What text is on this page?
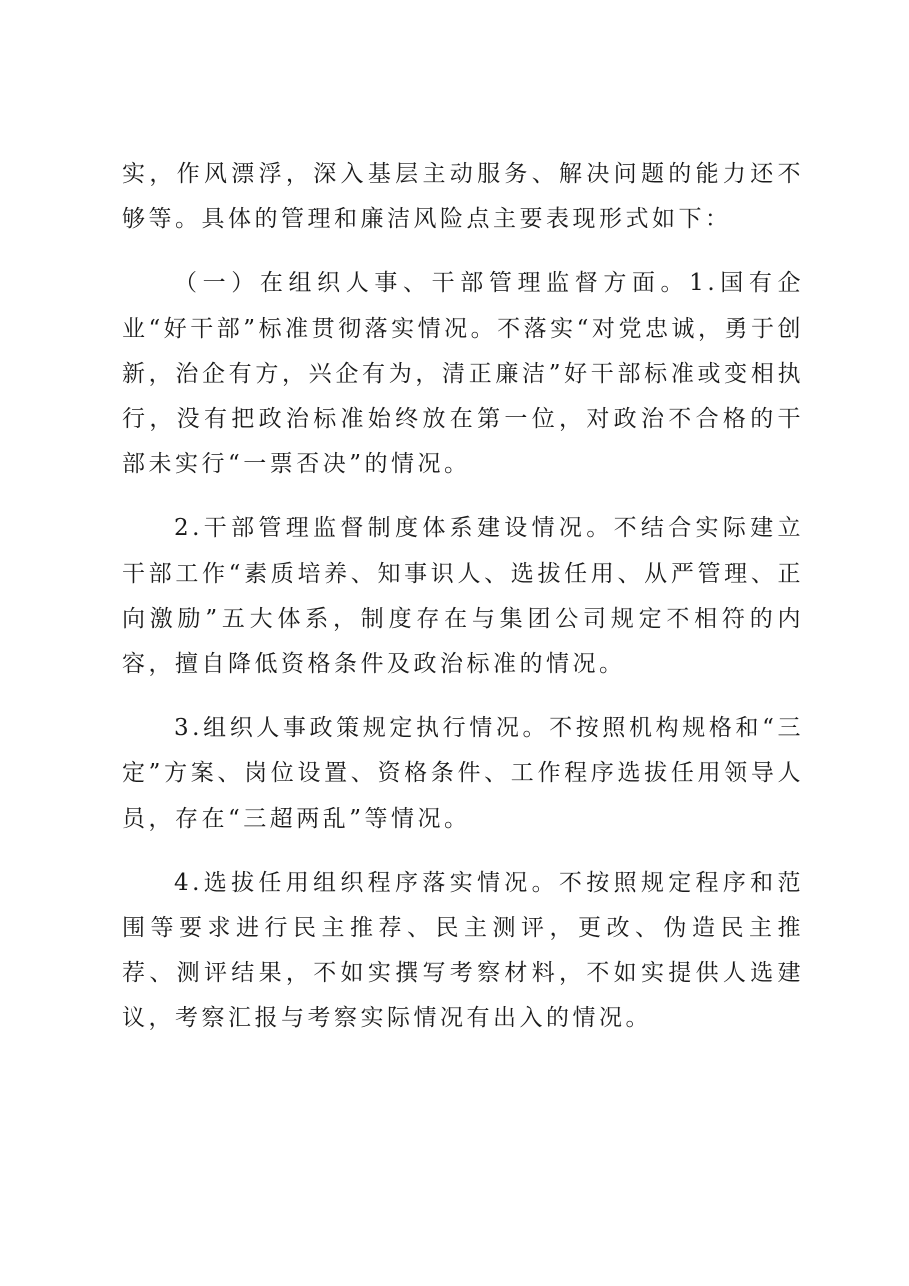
实，作风漂浮，深入基层主动服务、解决问题的能力还不够等。具体的管理和廉洁风险点主要表现形式如下：

（一）在组织人事、干部管理监督方面。1.国有企业“好干部”标准贯彻落实情况。不落实“对党忠诚，勇于创新，治企有方，兴企有为，清正廉洁”好干部标准或变相执行，没有把政治标准始终放在第一位，对政治不合格的干部未实行“一票否决”的情况。

2.干部管理监督制度体系建设情况。不结合实际建立干部工作“素质培养、知事识人、选拔任用、从严管理、正向激励”五大体系，制度存在与集团公司规定不相符的内容，擅自降低资格条件及政治标准的情况。

3.组织人事政策规定执行情况。不按照机构规格和“三定”方案、岗位设置、资格条件、工作程序选拔任用领导人员，存在“三超两乱”等情况。

4.选拔任用组织程序落实情况。不按照规定程序和范围等要求进行民主推荐、民主测评，更改、伪造民主推荐、测评结果，不如实撰写考察材料，不如实提供人选建议，考察汇报与考察实际情况有出入的情况。
